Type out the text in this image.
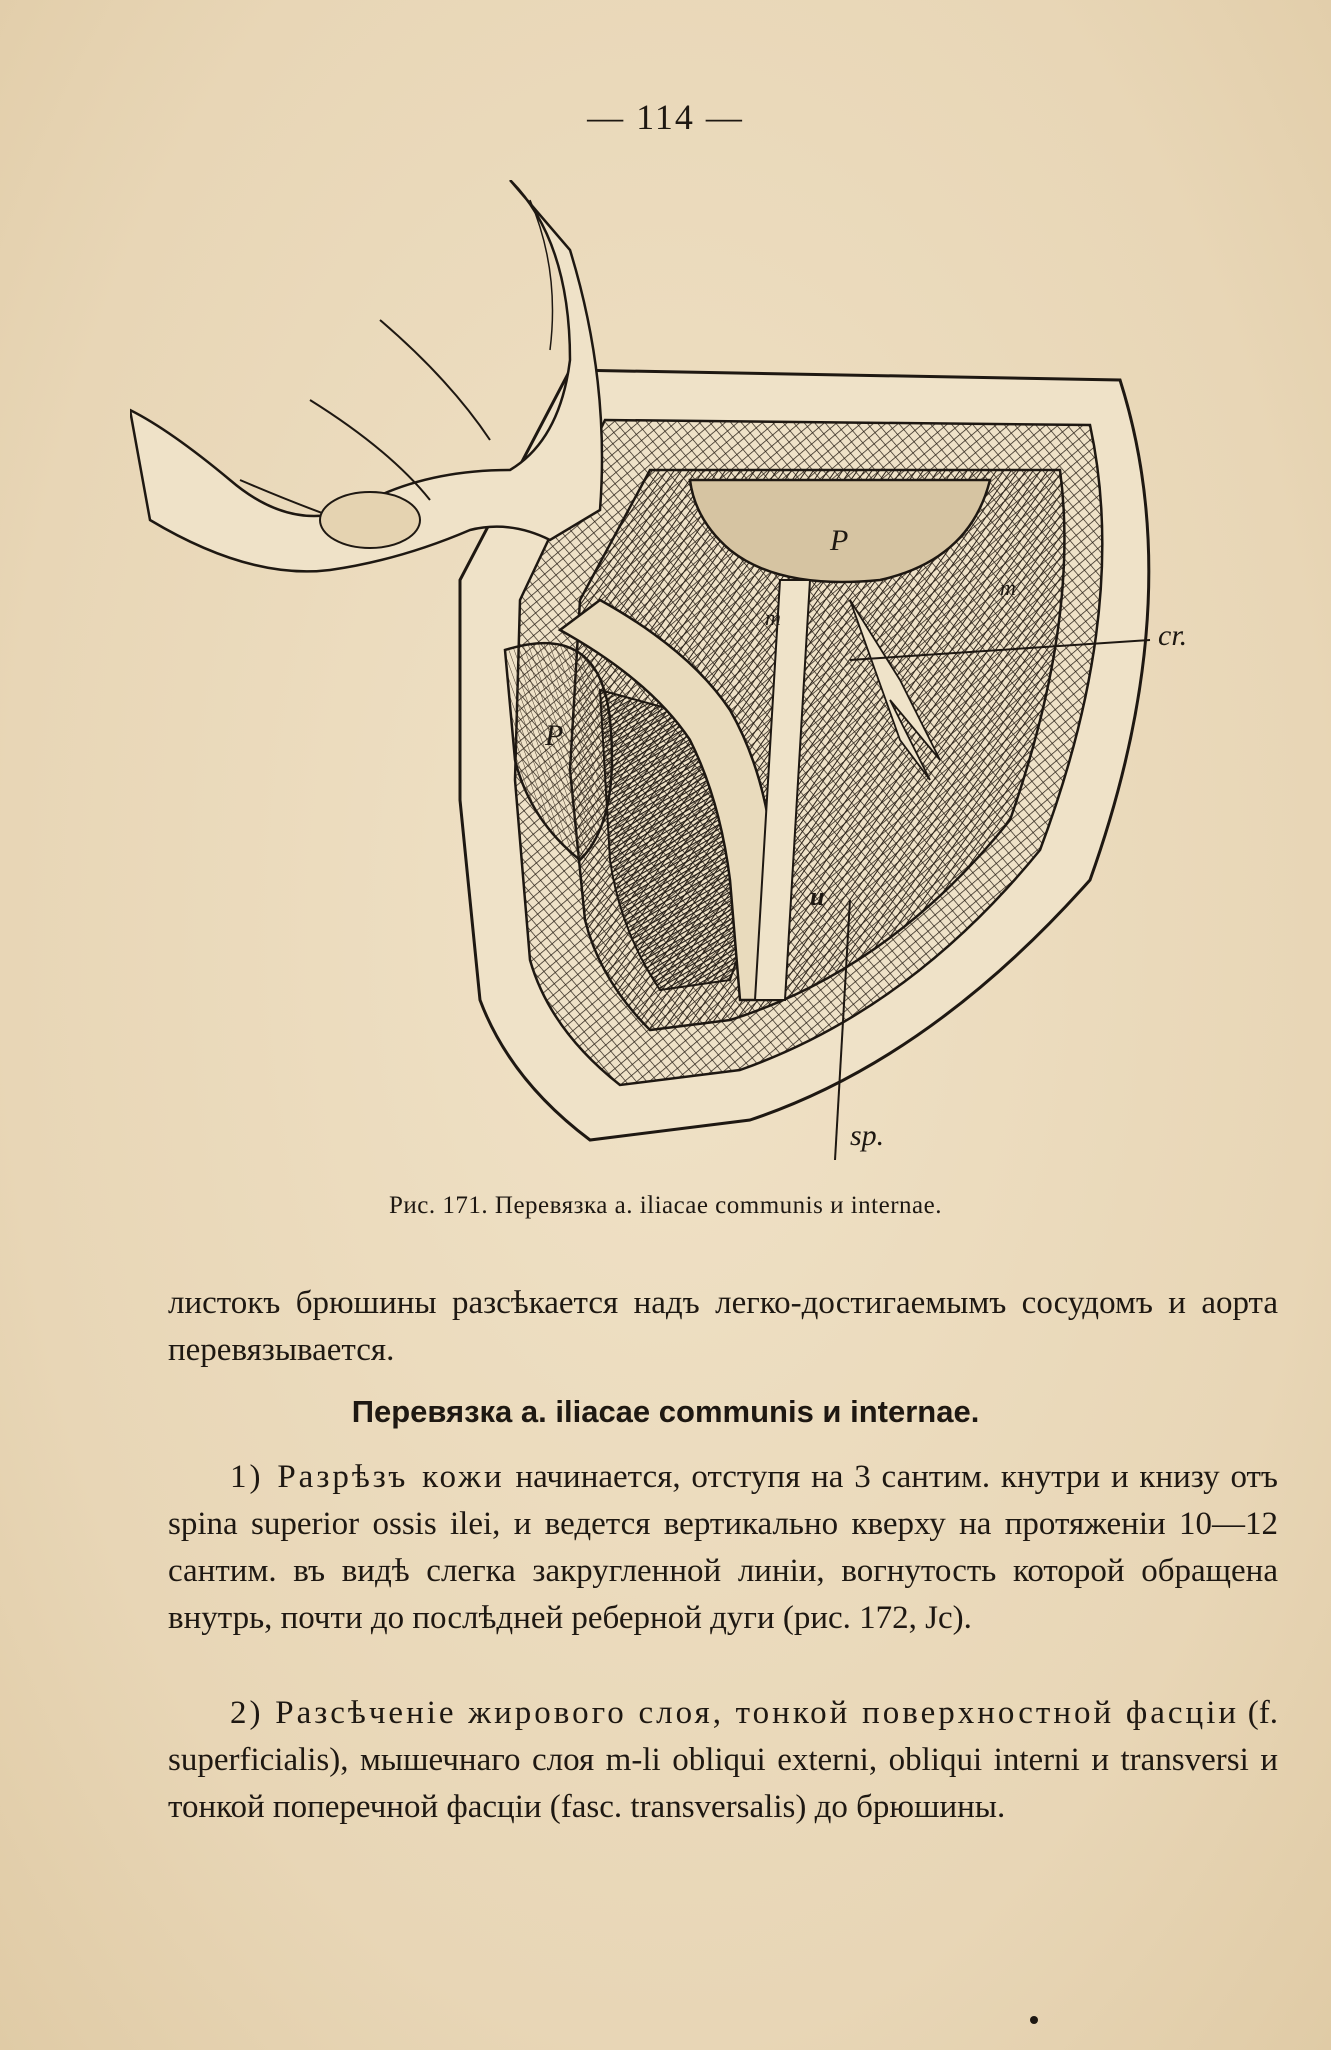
— 114 —
P
P
m
m
u
cr.
sp.
Рис. 171. Перевязка a. iliacae communis и internae.
листокъ брюшины разсѣкается надъ легко-достигаемымъ сосудомъ и аорта перевязывается.
Перевязка a. iliacae communis и internae.
1) Разрѣзъ кожи начинается, отступя на 3 сантим. кнутри и книзу отъ spina superior ossis ilei, и ведется вертикально кверху на протяженіи 10—12 сантим. въ видѣ слегка закругленной линіи, вогнутость которой обращена внутрь, почти до послѣдней реберной дуги (рис. 172, Jc).
2) Разсѣченіе жирового слоя, тонкой поверхностной фасціи (f. superficialis), мышечнаго слоя m-li obliqui externi, obliqui interni и transversi и тонкой поперечной фасціи (fasc. transversalis) до брюшины.
